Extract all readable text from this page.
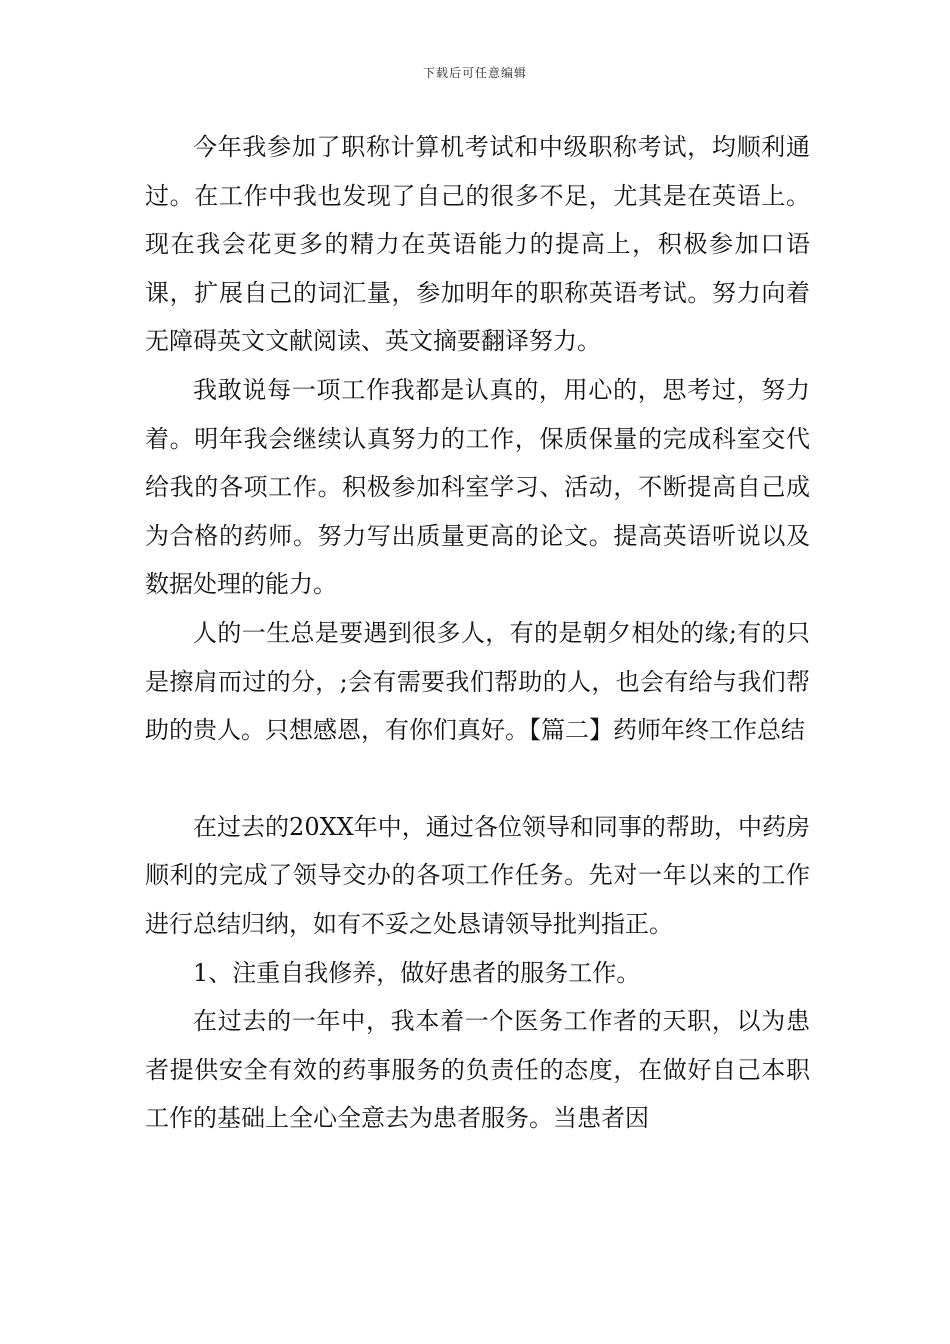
下载后可任意编辑

今年我参加了职称计算机考试和中级职称考试，均顺利通过。在工作中我也发现了自己的很多不足，尤其是在英语上。现在我会花更多的精力在英语能力的提高上，积极参加口语课，扩展自己的词汇量，参加明年的职称英语考试。努力向着无障碍英文文献阅读、英文摘要翻译努力。

我敢说每一项工作我都是认真的，用心的，思考过，努力着。明年我会继续认真努力的工作，保质保量的完成科室交代给我的各项工作。积极参加科室学习、活动，不断提高自己成为合格的药师。努力写出质量更高的论文。提高英语听说以及数据处理的能力。

人的一生总是要遇到很多人，有的是朝夕相处的缘;有的只是擦肩而过的分，;会有需要我们帮助的人，也会有给与我们帮助的贵人。只想感恩，有你们真好。【篇二】药师年终工作总结

在过去的20XX年中，通过各位领导和同事的帮助，中药房顺利的完成了领导交办的各项工作任务。先对一年以来的工作进行总结归纳，如有不妥之处恳请领导批判指正。

1、注重自我修养，做好患者的服务工作。

在过去的一年中，我本着一个医务工作者的天职，以为患者提供安全有效的药事服务的负责任的态度，在做好自己本职工作的基础上全心全意去为患者服务。当患者因
